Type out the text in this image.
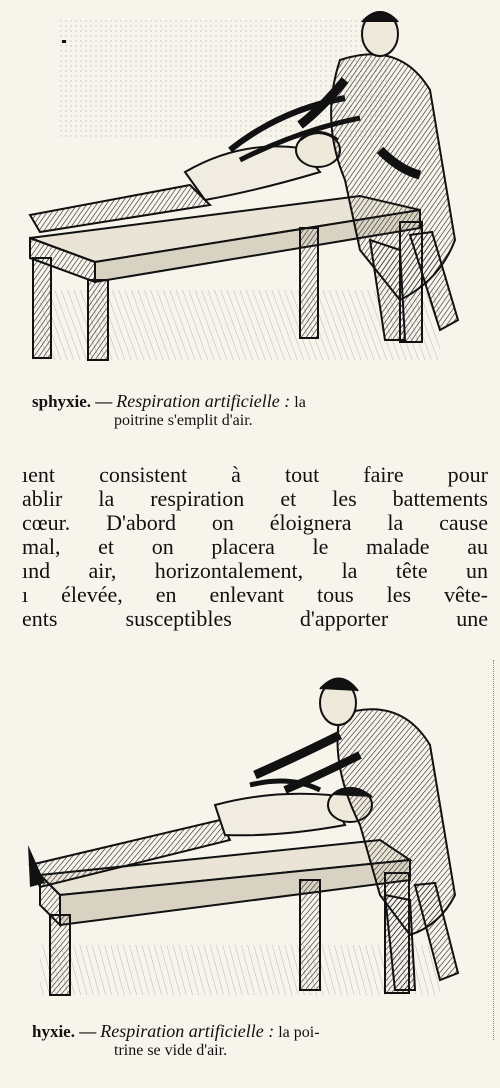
sphyxie. — Respiration artificielle : la
poitrine s'emplit d'air.
ıent consistent à tout faire pour
ablir la respiration et les battements
cœur. D'abord on éloignera la cause
mal, et on placera le malade au
ınd air, horizontalement, la tête un
ı élevée, en enlevant tous les vête-
ents susceptibles d'apporter une
hyxie. — Respiration artificielle : la poi-
trine se vide d'air.
